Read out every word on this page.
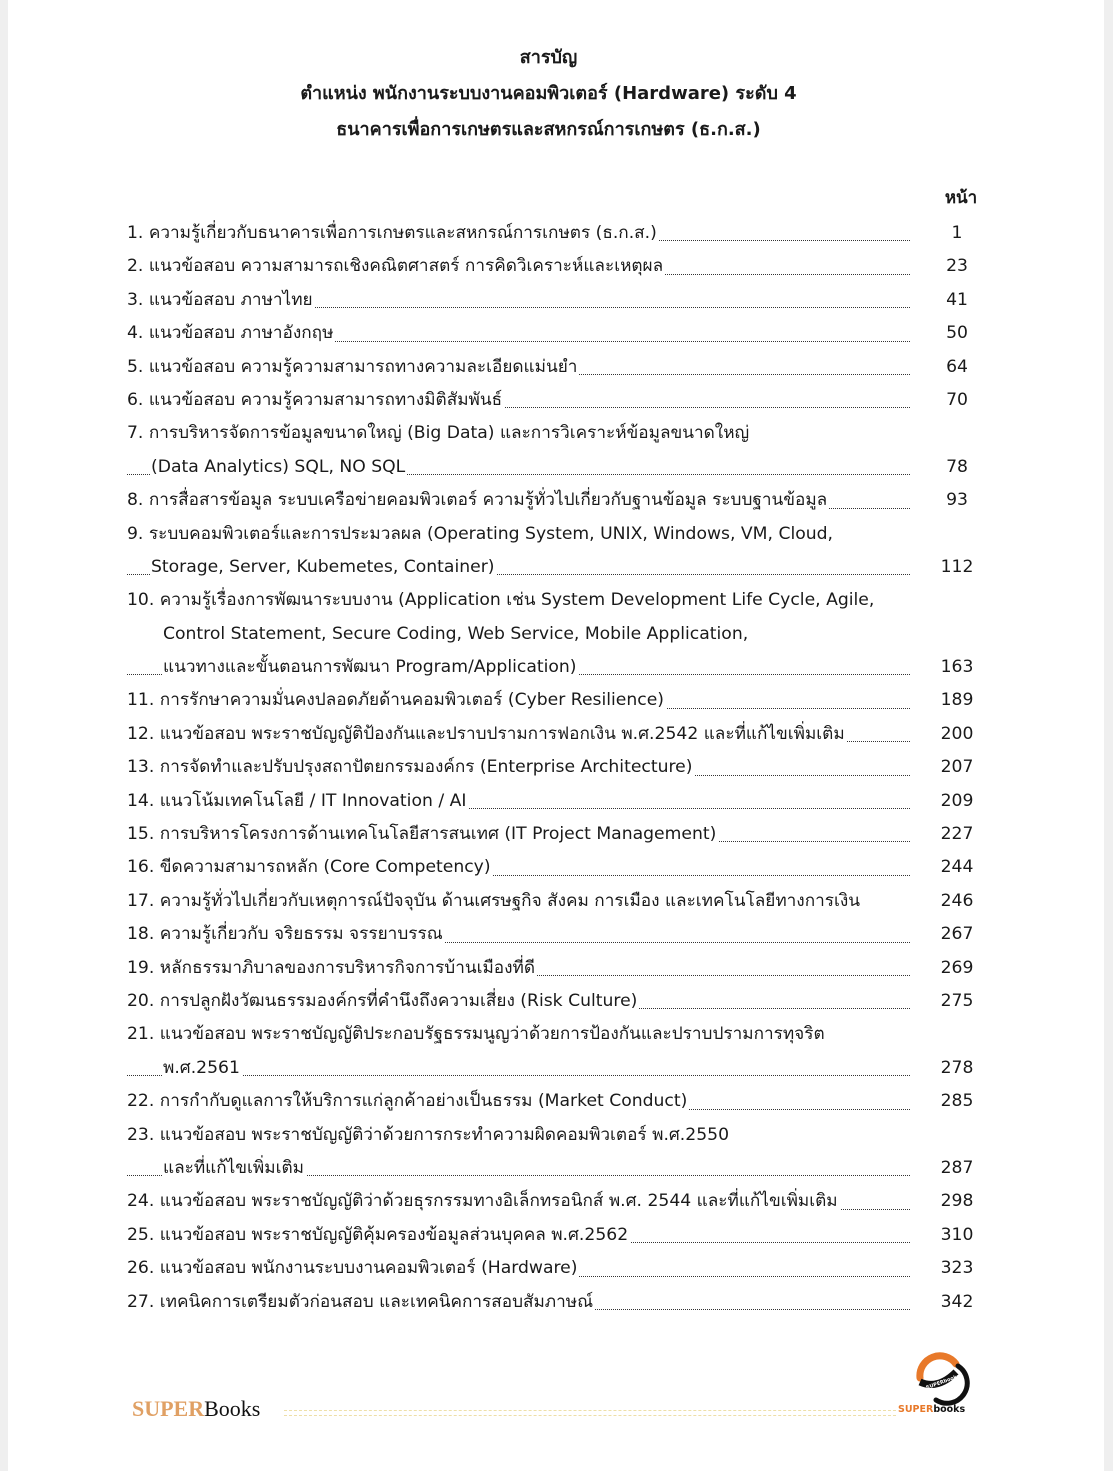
สารบัญ
ตำแหน่ง พนักงานระบบงานคอมพิวเตอร์ (Hardware) ระดับ 4
ธนาคารเพื่อการเกษตรและสหกรณ์การเกษตร (ธ.ก.ส.)
หน้า
1. ความรู้เกี่ยวกับธนาคารเพื่อการเกษตรและสหกรณ์การเกษตร (ธ.ก.ส.)	1
2. แนวข้อสอบ ความสามารถเชิงคณิตศาสตร์ การคิดวิเคราะห์และเหตุผล	23
3. แนวข้อสอบ ภาษาไทย	41
4. แนวข้อสอบ ภาษาอังกฤษ	50
5. แนวข้อสอบ ความรู้ความสามารถทางความละเอียดแม่นยำ	64
6. แนวข้อสอบ ความรู้ความสามารถทางมิติสัมพันธ์	70
7. การบริหารจัดการข้อมูลขนาดใหญ่ (Big Data) และการวิเคราะห์ข้อมูลขนาดใหญ่
(Data Analytics) SQL, NO SQL	78
8. การสื่อสารข้อมูล ระบบเครือข่ายคอมพิวเตอร์ ความรู้ทั่วไปเกี่ยวกับฐานข้อมูล ระบบฐานข้อมูล	93
9. ระบบคอมพิวเตอร์และการประมวลผล (Operating System, UNIX, Windows, VM, Cloud,
Storage, Server, Kubemetes, Container)	112
10. ความรู้เรื่องการพัฒนาระบบงาน (Application เช่น System Development Life Cycle, Agile,
Control Statement, Secure Coding, Web Service, Mobile Application,
แนวทางและขั้นตอนการพัฒนา Program/Application)	163
11. การรักษาความมั่นคงปลอดภัยด้านคอมพิวเตอร์ (Cyber Resilience)	189
12. แนวข้อสอบ พระราชบัญญัติป้องกันและปราบปรามการฟอกเงิน พ.ศ.2542 และที่แก้ไขเพิ่มเติม	200
13. การจัดทำและปรับปรุงสถาปัตยกรรมองค์กร (Enterprise Architecture)	207
14. แนวโน้มเทคโนโลยี / IT Innovation / AI	209
15. การบริหารโครงการด้านเทคโนโลยีสารสนเทศ (IT Project Management)	227
16. ขีดความสามารถหลัก (Core Competency)	244
17. ความรู้ทั่วไปเกี่ยวกับเหตุการณ์ปัจจุบัน ด้านเศรษฐกิจ สังคม การเมือง และเทคโนโลยีทางการเงิน	246
18. ความรู้เกี่ยวกับ จริยธรรม จรรยาบรรณ	267
19. หลักธรรมาภิบาลของการบริหารกิจการบ้านเมืองที่ดี	269
20. การปลูกฝังวัฒนธรรมองค์กรที่คำนึงถึงความเสี่ยง (Risk Culture)	275
21. แนวข้อสอบ พระราชบัญญัติประกอบรัฐธรรมนูญว่าด้วยการป้องกันและปราบปรามการทุจริต
พ.ศ.2561	278
22. การกำกับดูแลการให้บริการแก่ลูกค้าอย่างเป็นธรรม (Market Conduct)	285
23. แนวข้อสอบ พระราชบัญญัติว่าด้วยการกระทำความผิดคอมพิวเตอร์ พ.ศ.2550
และที่แก้ไขเพิ่มเติม	287
24. แนวข้อสอบ พระราชบัญญัติว่าด้วยธุรกรรมทางอิเล็กทรอนิกส์ พ.ศ. 2544 และที่แก้ไขเพิ่มเติม	298
25. แนวข้อสอบ พระราชบัญญัติคุ้มครองข้อมูลส่วนบุคคล พ.ศ.2562	310
26. แนวข้อสอบ พนักงานระบบงานคอมพิวเตอร์ (Hardware)	323
27. เทคนิคการเตรียมตัวก่อนสอบ และเทคนิคการสอบสัมภาษณ์	342
SUPERBooks
SUPERbooks
SUPERbooks
